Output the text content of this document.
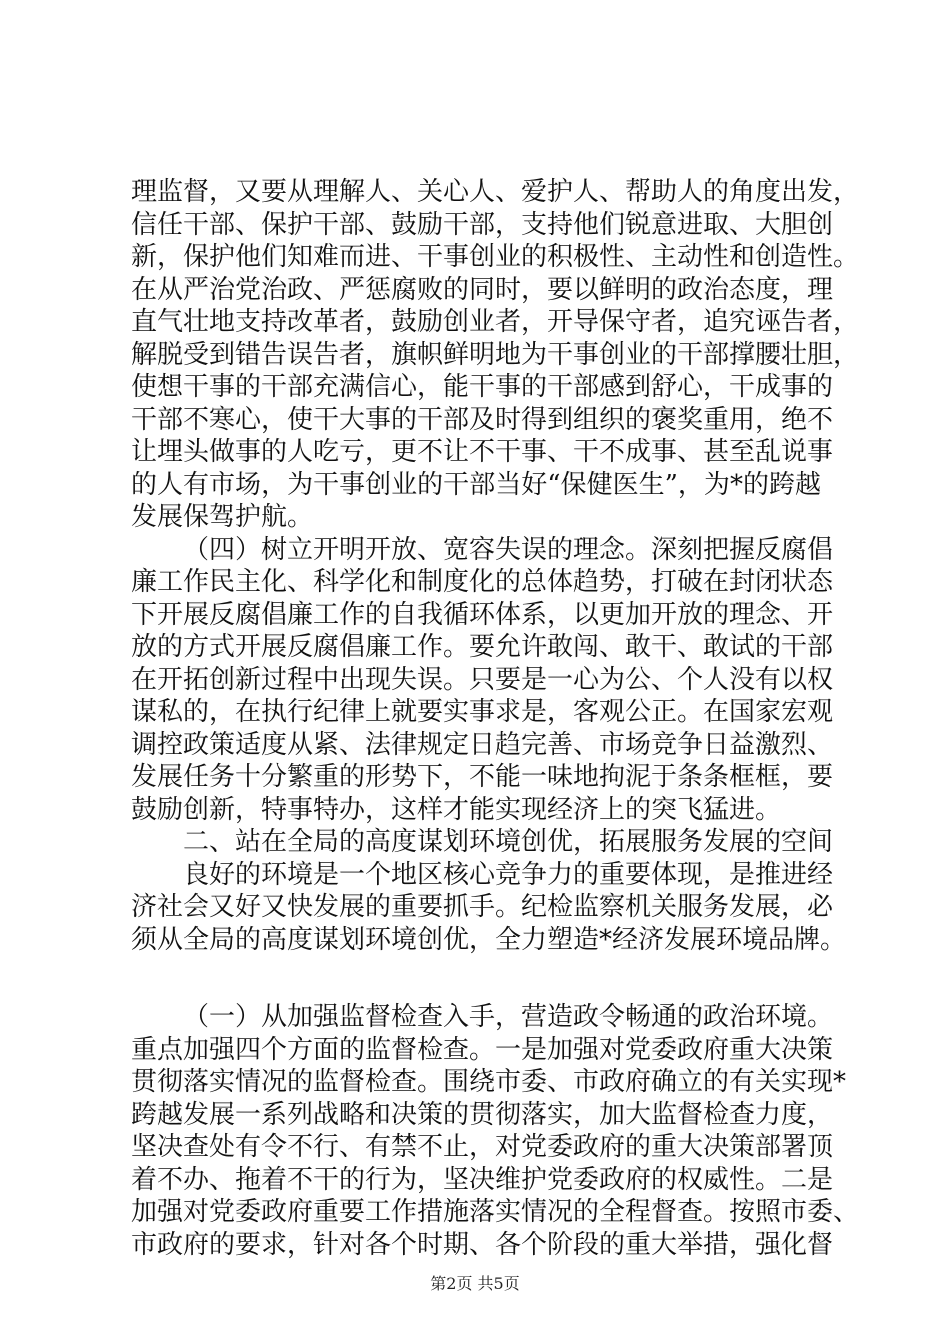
理监督，又要从理解人、关心人、爱护人、帮助人的角度出发，
信任干部、保护干部、鼓励干部，支持他们锐意进取、大胆创
新，保护他们知难而进、干事创业的积极性、主动性和创造性。
在从严治党治政、严惩腐败的同时，要以鲜明的政治态度，理
直气壮地支持改革者，鼓励创业者，开导保守者，追究诬告者，
解脱受到错告误告者，旗帜鲜明地为干事创业的干部撑腰壮胆，
使想干事的干部充满信心，能干事的干部感到舒心，干成事的
干部不寒心，使干大事的干部及时得到组织的褒奖重用，绝不
让埋头做事的人吃亏，更不让不干事、干不成事、甚至乱说事
的人有市场，为干事创业的干部当好“保健医生”，为*的跨越
发展保驾护航。
（四）树立开明开放、宽容失误的理念。深刻把握反腐倡
廉工作民主化、科学化和制度化的总体趋势，打破在封闭状态
下开展反腐倡廉工作的自我循环体系，以更加开放的理念、开
放的方式开展反腐倡廉工作。要允许敢闯、敢干、敢试的干部
在开拓创新过程中出现失误。只要是一心为公、个人没有以权
谋私的，在执行纪律上就要实事求是，客观公正。在国家宏观
调控政策适度从紧、法律规定日趋完善、市场竞争日益激烈、
发展任务十分繁重的形势下，不能一味地拘泥于条条框框，要
鼓励创新，特事特办，这样才能实现经济上的突飞猛进。
二、站在全局的高度谋划环境创优，拓展服务发展的空间
良好的环境是一个地区核心竞争力的重要体现，是推进经
济社会又好又快发展的重要抓手。纪检监察机关服务发展，必
须从全局的高度谋划环境创优，全力塑造*经济发展环境品牌。
（一）从加强监督检查入手，营造政令畅通的政治环境。
重点加强四个方面的监督检查。一是加强对党委政府重大决策
贯彻落实情况的监督检查。围绕市委、市政府确立的有关实现*
跨越发展一系列战略和决策的贯彻落实，加大监督检查力度，
坚决查处有令不行、有禁不止，对党委政府的重大决策部署顶
着不办、拖着不干的行为，坚决维护党委政府的权威性。二是
加强对党委政府重要工作措施落实情况的全程督查。按照市委、
市政府的要求，针对各个时期、各个阶段的重大举措，强化督
第2页 共5页
